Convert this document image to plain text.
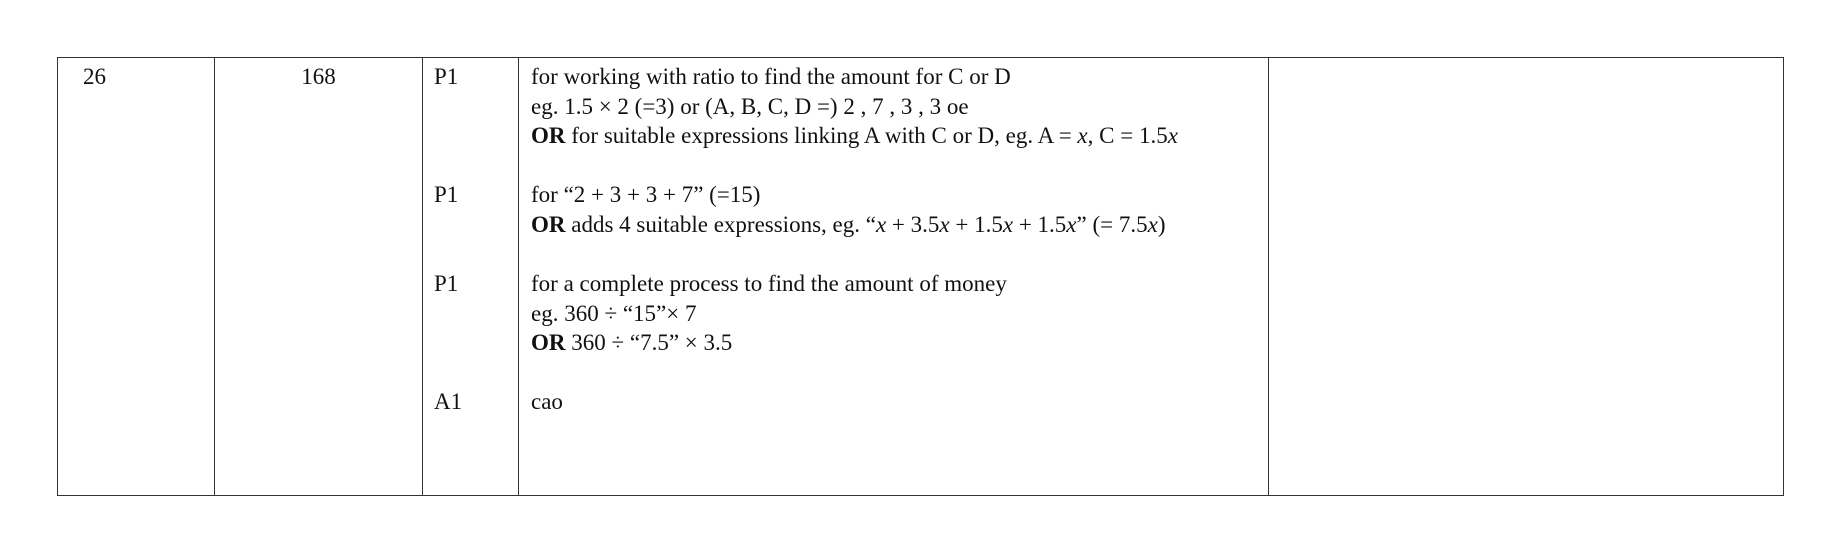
26	168	P1
P1
P1
A1
for working with ratio to find the amount for C or D
eg. 1.5 × 2 (=3) or (A, B, C, D =) 2 , 7 , 3 , 3 oe
OR for suitable expressions linking A with C or D, eg. A = x, C = 1.5x
for “2 + 3 + 3 + 7” (=15)
OR adds 4 suitable expressions, eg. “x + 3.5x + 1.5x + 1.5x” (= 7.5x)
for a complete process to find the amount of money
eg. 360 ÷ “15”× 7
OR 360 ÷ “7.5” × 3.5
cao
